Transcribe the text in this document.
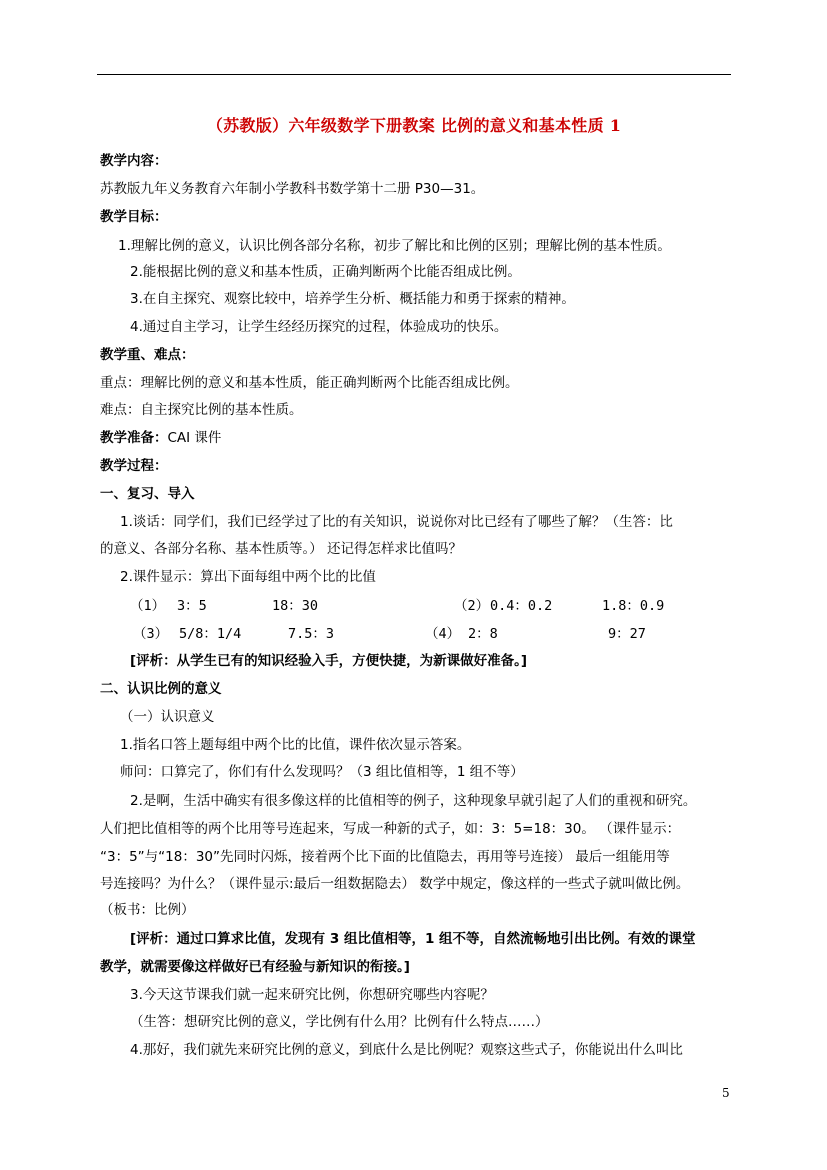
（苏教版）六年级数学下册教案 比例的意义和基本性质 1
教学内容：
苏教版九年义务教育六年制小学教科书数学第十二册 P30—31。
教学目标：
1.理解比例的意义，认识比例各部分名称，初步了解比和比例的区别；理解比例的基本性质。
2.能根据比例的意义和基本性质，正确判断两个比能否组成比例。
3.在自主探究、观察比较中，培养学生分析、概括能力和勇于探索的精神。
4.通过自主学习，让学生经经历探究的过程，体验成功的快乐。
教学重、难点：
重点：理解比例的意义和基本性质，能正确判断两个比能否组成比例。
难点：自主探究比例的基本性质。
教学准备：CAI 课件
教学过程：
一、复习、导入
1.谈话：同学们，我们已经学过了比的有关知识，说说你对比已经有了哪些了解？（生答：比
的意义、各部分名称、基本性质等。） 还记得怎样求比值吗？
2.课件显示：算出下面每组中两个比的比值
（1） 3：5	18：30	（2） 0.4：0.2	1.8：0.9
（3） 5/8：1/4	7.5：3	（4） 2：8	9：27
[评析：从学生已有的知识经验入手，方便快捷，为新课做好准备。]
二、认识比例的意义
（一）认识意义
1.指名口答上题每组中两个比的比值，课件依次显示答案。
师问：口算完了，你们有什么发现吗？（3 组比值相等，1 组不等）
2.是啊，生活中确实有很多像这样的比值相等的例子，这种现象早就引起了人们的重视和研究。
人们把比值相等的两个比用等号连起来，写成一种新的式子，如：3：5=18：30。 （课件显示：
“3：5”与“18：30”先同时闪烁，接着两个比下面的比值隐去，再用等号连接） 最后一组能用等
号连接吗？为什么？（课件显示:最后一组数据隐去） 数学中规定，像这样的一些式子就叫做比例。
（板书：比例）
[评析：通过口算求比值，发现有 3 组比值相等，1 组不等，自然流畅地引出比例。有效的课堂
教学，就需要像这样做好已有经验与新知识的衔接。]
3.今天这节课我们就一起来研究比例，你想研究哪些内容呢？
（生答：想研究比例的意义，学比例有什么用？比例有什么特点……）
4.那好，我们就先来研究比例的意义，到底什么是比例呢？观察这些式子，你能说出什么叫比
5
